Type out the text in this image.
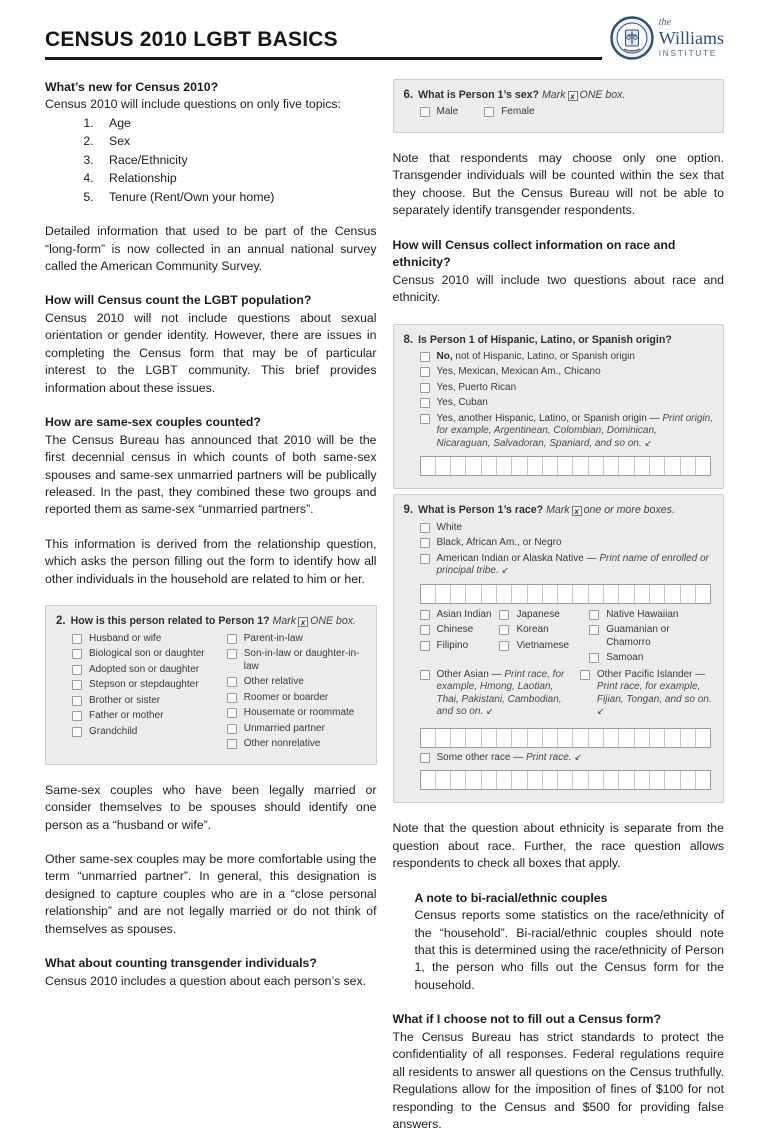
CENSUS 2010 LGBT BASICS
the
Williams
INSTITUTE
What’s new for Census 2010?

Census 2010 will include questions on only five topics:

1. Age
2. Sex
3. Race/Ethnicity
4. Relationship
5. Tenure (Rent/Own your home)

Detailed information that used to be part of the Census “long-form” is now collected in an annual national survey called the American Community Survey.

How will Census count the LGBT population?

Census 2010 will not include questions about sexual orientation or gender identity. However, there are issues in completing the Census form that may be of particular interest to the LGBT community. This brief provides information about these issues.

How are same-sex couples counted?

The Census Bureau has announced that 2010 will be the first decennial census in which counts of both same-sex spouses and same-sex unmarried partners will be publically released. In the past, they combined these two groups and reported them as same-sex “unmarried partners”.

This information is derived from the relationship question, which asks the person filling out the form to identify how all other individuals in the household are related to him or her.

2. How is this person related to Person 1? Mark x ONE box.
Husband or wife
Biological son or daughter
Adopted son or daughter
Stepson or stepdaughter
Brother or sister
Father or mother
Grandchild
Parent-in-law
Son-in-law or daughter-in-law
Other relative
Roomer or boarder
Housemate or roommate
Unmarried partner
Other nonrelative

Same-sex couples who have been legally married or consider themselves to be spouses should identify one person as a “husband or wife”.

Other same-sex couples may be more comfortable using the term “unmarried partner”. In general, this designation is designed to capture couples who are in a “close personal relationship” and are not legally married or do not think of themselves as spouses.

What about counting transgender individuals?

Census 2010 includes a question about each person’s sex.

6. What is Person 1’s sex? Mark x ONE box.
Male	Female

Note that respondents may choose only one option. Transgender individuals will be counted within the sex that they choose. But the Census Bureau will not be able to separately identify transgender respondents.

How will Census collect information on race and ethnicity?

Census 2010 will include two questions about race and ethnicity.

8. Is Person 1 of Hispanic, Latino, or Spanish origin?
No, not of Hispanic, Latino, or Spanish origin
Yes, Mexican, Mexican Am., Chicano
Yes, Puerto Rican
Yes, Cuban
Yes, another Hispanic, Latino, or Spanish origin — Print origin, for example, Argentinean, Colombian, Dominican, Nicaraguan, Salvadoran, Spaniard, and so on. ↙
9. What is Person 1’s race? Mark x one or more boxes.
White
Black, African Am., or Negro
American Indian or Alaska Native — Print name of enrolled or principal tribe. ↙
Asian Indian
Chinese
Filipino
Japanese
Korean
Vietnamese
Native Hawaiian
Guamanian or Chamorro
Samoan
Other Asian — Print race, for example, Hmong, Laotian, Thai, Pakistani, Cambodian, and so on. ↙
Other Pacific Islander — Print race, for example, Fijian, Tongan, and so on. ↙
Some other race — Print race. ↙

Note that the question about ethnicity is separate from the question about race. Further, the race question allows respondents to check all boxes that apply.

A note to bi-racial/ethnic couples

Census reports some statistics on the race/ethnicity of the “household”. Bi-racial/ethnic couples should note that this is determined using the race/ethnicity of Person 1, the person who fills out the Census form for the household.

What if I choose not to fill out a Census form?

The Census Bureau has strict standards to protect the confidentiality of all responses. Federal regulations require all residents to answer all questions on the Census truthfully. Regulations allow for the imposition of fines of $100 for not responding to the Census and $500 for providing false answers.
